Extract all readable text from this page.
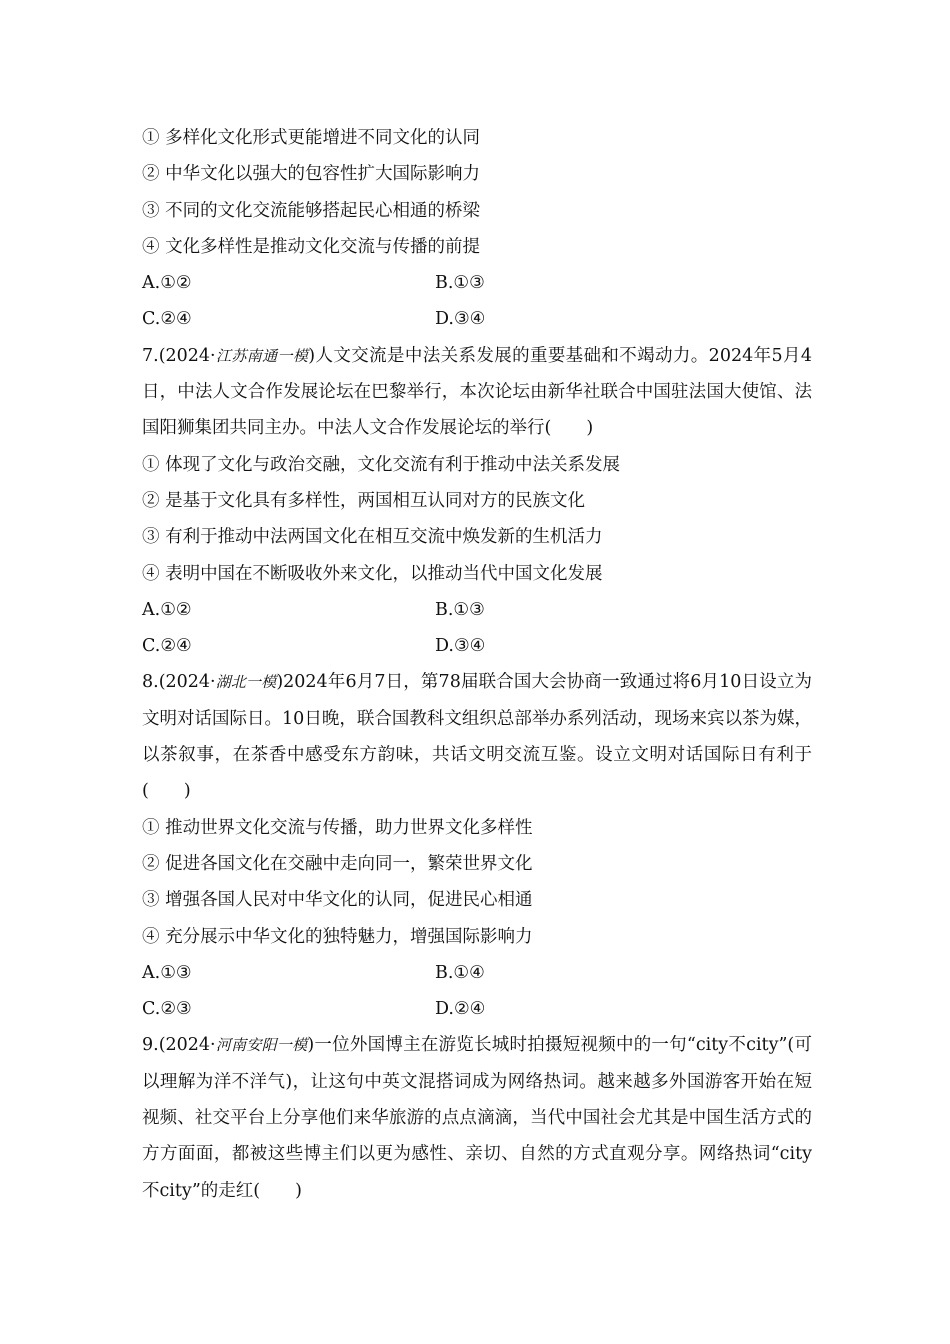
① 多样化文化形式更能增进不同文化的认同
② 中华文化以强大的包容性扩大国际影响力
③ 不同的文化交流能够搭起民心相通的桥梁
④ 文化多样性是推动文化交流与传播的前提
A.①②	B.①③
C.②④	D.③④
7.(2024·江苏南通一模)人文交流是中法关系发展的重要基础和不竭动力。2024年5月4日，中法人文合作发展论坛在巴黎举行，本次论坛由新华社联合中国驻法国大使馆、法国阳狮集团共同主办。中法人文合作发展论坛的举行(　　)
① 体现了文化与政治交融，文化交流有利于推动中法关系发展
② 是基于文化具有多样性，两国相互认同对方的民族文化
③ 有利于推动中法两国文化在相互交流中焕发新的生机活力
④ 表明中国在不断吸收外来文化，以推动当代中国文化发展
A.①②	B.①③
C.②④	D.③④
8.(2024·湖北一模)2024年6月7日，第78届联合国大会协商一致通过将6月10日设立为文明对话国际日。10日晚，联合国教科文组织总部举办系列活动，现场来宾以茶为媒，以茶叙事，在茶香中感受东方韵味，共话文明交流互鉴。设立文明对话国际日有利于(　　)
① 推动世界文化交流与传播，助力世界文化多样性
② 促进各国文化在交融中走向同一，繁荣世界文化
③ 增强各国人民对中华文化的认同，促进民心相通
④ 充分展示中华文化的独特魅力，增强国际影响力
A.①③	B.①④
C.②③	D.②④
9.(2024·河南安阳一模)一位外国博主在游览长城时拍摄短视频中的一句“city不city”(可以理解为洋不洋气)，让这句中英文混搭词成为网络热词。越来越多外国游客开始在短视频、社交平台上分享他们来华旅游的点点滴滴，当代中国社会尤其是中国生活方式的方方面面，都被这些博主们以更为感性、亲切、自然的方式直观分享。网络热词“city不city”的走红(　　)
